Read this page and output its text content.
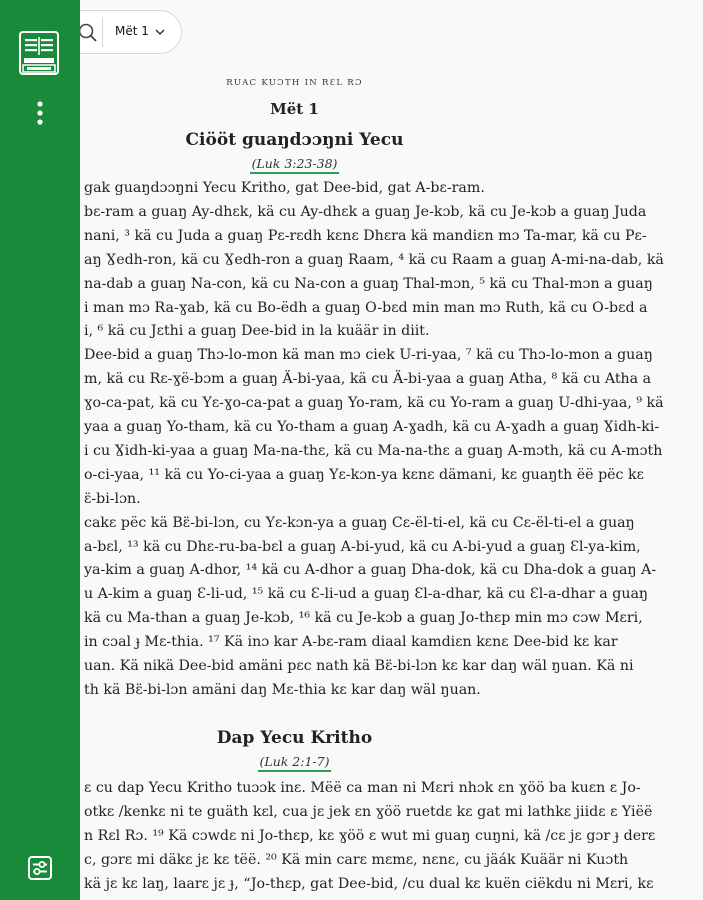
gak guaŋdɔɔŋni Yecu Kritho, gat Dee-bid, gat A-bɛ-ram.
bɛ-ram a guaŋ Ay-dhɛk, kä cu Ay-dhɛk a guaŋ Je-kɔb, kä cu Je-kɔb a guaŋ Juda
nani, ³ kä cu Juda a guaŋ Pɛ-rɛdh kɛnɛ Dhɛra kä mandiɛn mɔ Ta-mar, kä cu Pɛ-
aŋ Ɣedh-ron, kä cu Ɣedh-ron a guaŋ Raam, ⁴ kä cu Raam a guaŋ A-mi-na-dab, kä
na-dab a guaŋ Na-con, kä cu Na-con a guaŋ Thal-mɔn, ⁵ kä cu Thal-mɔn a guaŋ
i man mɔ Ra-ɣab, kä cu Bo-ëdh a guaŋ O-bɛd min man mɔ Ruth, kä cu O-bɛd a
i, ⁶ kä cu Jɛthi a guaŋ Dee-bid in la kuäär in diit.
Dee-bid a guaŋ Thɔ-lo-mon kä man mɔ ciek U-ri-yaa, ⁷ kä cu Thɔ-lo-mon a guaŋ
m, kä cu Rɛ-ɣë-bɔm a guaŋ Ä-bi-yaa, kä cu Ä-bi-yaa a guaŋ Atha, ⁸ kä cu Atha a
ɣo-ca-pat, kä cu Yɛ-ɣo-ca-pat a guaŋ Yo-ram, kä cu Yo-ram a guaŋ U-dhi-yaa, ⁹ kä
yaa a guaŋ Yo-tham, kä cu Yo-tham a guaŋ A-ɣadh, kä cu A-ɣadh a guaŋ Ɣidh-ki-
i cu Ɣidh-ki-yaa a guaŋ Ma-na-thɛ, kä cu Ma-na-thɛ a guaŋ A-mɔth, kä cu A-mɔth
o-ci-yaa, ¹¹ kä cu Yo-ci-yaa a guaŋ Yɛ-kɔn-ya kɛnɛ dämani, kɛ guaŋth ëë pëc kɛ
ɛ̈-bi-lɔn.
cakɛ pëc kä Bɛ̈-bi-lɔn, cu Yɛ-kɔn-ya a guaŋ Cɛ-ël-ti-el, kä cu Cɛ-ël-ti-el a guaŋ
a-bɛl, ¹³ kä cu Dhɛ-ru-ba-bɛl a guaŋ A-bi-yud, kä cu A-bi-yud a guaŋ Ɛl-ya-kim,
ya-kim a guaŋ A-dhor, ¹⁴ kä cu A-dhor a guaŋ Dha-dok, kä cu Dha-dok a guaŋ A-
u A-kim a guaŋ Ɛ-li-ud, ¹⁵ kä cu Ɛ-li-ud a guaŋ Ɛl-a-dhar, kä cu Ɛl-a-dhar a guaŋ
kä cu Ma-than a guaŋ Je-kɔb, ¹⁶ kä cu Je-kɔb a guaŋ Jo-thɛp min mɔ cɔw Mɛri,
in cɔal ɟ Mɛ-thia. ¹⁷ Kä inɔ kar A-bɛ-ram diaal kamdiɛn kɛnɛ Dee-bid kɛ kar
uan. Kä nikä Dee-bid amäni pɛc nath kä Bɛ̈-bi-lɔn kɛ kar daŋ wäl ŋuan. Kä ni
th kä Bɛ̈-bi-lɔn amäni daŋ Mɛ-thia kɛ kar daŋ wäl ŋuan.
ɛ cu dap Yecu Kritho tuɔɔk inɛ. Mëë ca man ni Mɛri nhɔk ɛn ɣöö ba kuɛn ɛ Jo-
otkɛ /kenkɛ ni te guäth kɛl, cua jɛ jek ɛn ɣöö ruetdɛ kɛ gat mi lathkɛ jiidɛ ɛ Yiëë
n Rɛl Rɔ. ¹⁹ Kä cɔwdɛ ni Jo-thɛp, kɛ ɣöö ɛ wut mi guaŋ cuŋni, kä /cɛ jɛ gɔr ɟ derɛ
c, gɔrɛ mi däkɛ jɛ kɛ tëë. ²⁰ Kä min carɛ mɛmɛ, nɛnɛ, cu jäák Kuäär ni Kuɔth
kä jɛ kɛ laŋ, laarɛ jɛ ɟ, “Jo-thɛp, gat Dee-bid, /cu dual kɛ kuën ciëkdu ni Mɛri, kɛ
RUAC KUƆTH IN RƐL RƆ
Mët 1
Ciööt guaŋdɔɔŋni Yecu
(Luk 3:23-38)
Dap Yecu Kritho
(Luk 2:1-7)
Mët 1
